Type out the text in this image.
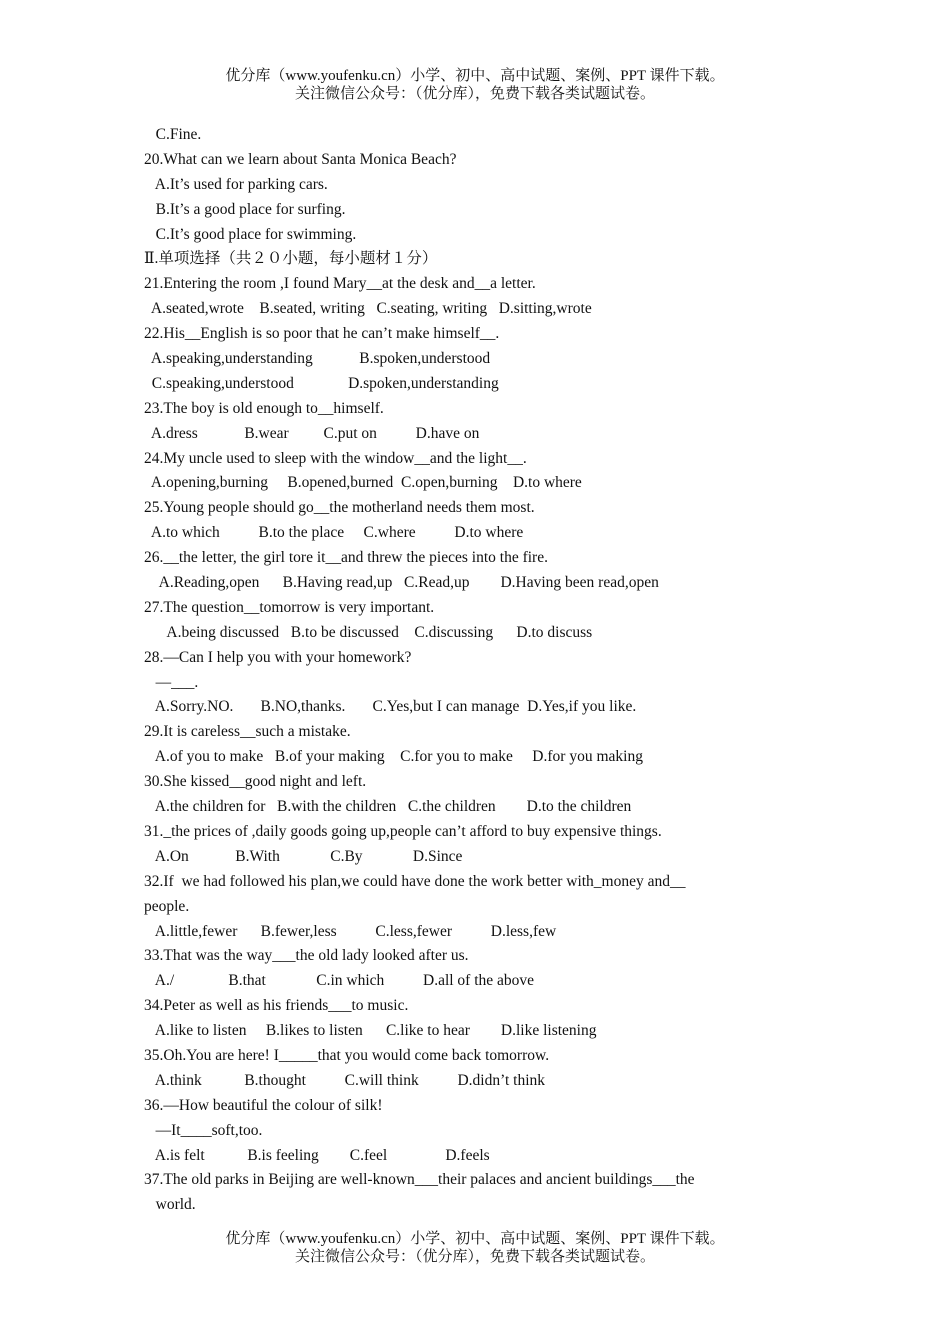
优分库（www.youfenku.cn）小学、初中、高中试题、案例、PPT 课件下载。
关注微信公众号：（优分库），免费下载各类试题试卷。
C.Fine.
20.What can we learn about Santa Monica Beach?
A.It’s used for parking cars.
B.It’s a good place for surfing.
C.It’s good place for swimming.
Ⅱ.单项选择（共２０小题，每小题材１分）
21.Entering the room ,I found Mary__at the desk and__a letter.
A.seated,wrote    B.seated, writing   C.seating, writing   D.sitting,wrote
22.His__English is so poor that he can’t make himself__.
A.speaking,understanding            B.spoken,understood
C.speaking,understood              D.spoken,understanding
23.The boy is old enough to__himself.
A.dress            B.wear         C.put on          D.have on
24.My uncle used to sleep with the window__and the light__.
A.opening,burning     B.opened,burned  C.open,burning    D.to where
25.Young people should go__the motherland needs them most.
A.to which          B.to the place     C.where          D.to where
26.__the letter, the girl tore it__and threw the pieces into the fire.
A.Reading,open      B.Having read,up   C.Read,up        D.Having been read,open
27.The question__tomorrow is very important.
A.being discussed   B.to be discussed    C.discussing      D.to discuss
28.—Can I help you with your homework?
—___.
A.Sorry.NO.       B.NO,thanks.       C.Yes,but I can manage  D.Yes,if you like.
29.It is careless__such a mistake.
A.of you to make   B.of your making    C.for you to make     D.for you making
30.She kissed__good night and left.
A.the children for   B.with the children   C.the children        D.to the children
31._the prices of ,daily goods going up,people can’t afford to buy expensive things.
A.On            B.With             C.By             D.Since
32.If  we had followed his plan,we could have done the work better with_money and__
people.
A.little,fewer      B.fewer,less          C.less,fewer          D.less,few
33.That was the way___the old lady looked after us.
A./              B.that             C.in which          D.all of the above
34.Peter as well as his friends___to music.
A.like to listen     B.likes to listen      C.like to hear        D.like listening
35.Oh.You are here! I_____that you would come back tomorrow.
A.think           B.thought          C.will think          D.didn’t think
36.—How beautiful the colour of silk!
—It____soft,too.
A.is felt           B.is feeling        C.feel               D.feels
37.The old parks in Beijing are well-known___their palaces and ancient buildings___the
world.
优分库（www.youfenku.cn）小学、初中、高中试题、案例、PPT 课件下载。
关注微信公众号：（优分库），免费下载各类试题试卷。
